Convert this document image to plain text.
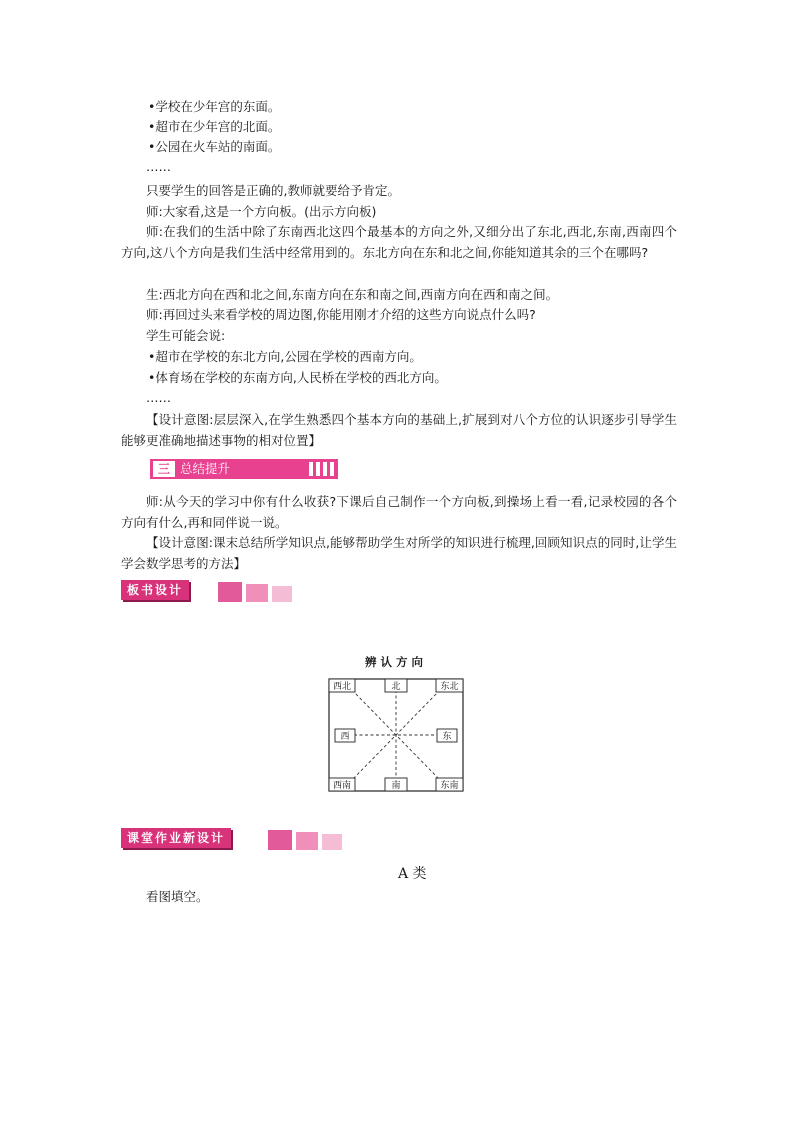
•学校在少年宫的东面。
•超市在少年宫的北面。
•公园在火车站的南面。
……
只要学生的回答是正确的,教师就要给予肯定。
师:大家看,这是一个方向板。(出示方向板)
师:在我们的生活中除了东南西北这四个最基本的方向之外,又细分出了东北,西北,东南,西南四个方向,这八个方向是我们生活中经常用到的。东北方向在东和北之间,你能知道其余的三个在哪吗?
生:西北方向在西和北之间,东南方向在东和南之间,西南方向在西和南之间。
师:再回过头来看学校的周边图,你能用刚才介绍的这些方向说点什么吗?
学生可能会说:
•超市在学校的东北方向,公园在学校的西南方向。
•体育场在学校的东南方向,人民桥在学校的西北方向。
……
【设计意图:层层深入,在学生熟悉四个基本方向的基础上,扩展到对八个方位的认识逐步引导学生能够更准确地描述事物的相对位置】
三 总结提升
师:从今天的学习中你有什么收获?下课后自己制作一个方向板,到操场上看一看,记录校园的各个方向有什么,再和同伴说一说。
【设计意图:课末总结所学知识点,能够帮助学生对所学的知识进行梳理,回顾知识点的同时,让学生学会数学思考的方法】
板书设计
辨认方向
西北	北	东北
西	东
西南	南	东南
课堂作业新设计
A 类
看图填空。
